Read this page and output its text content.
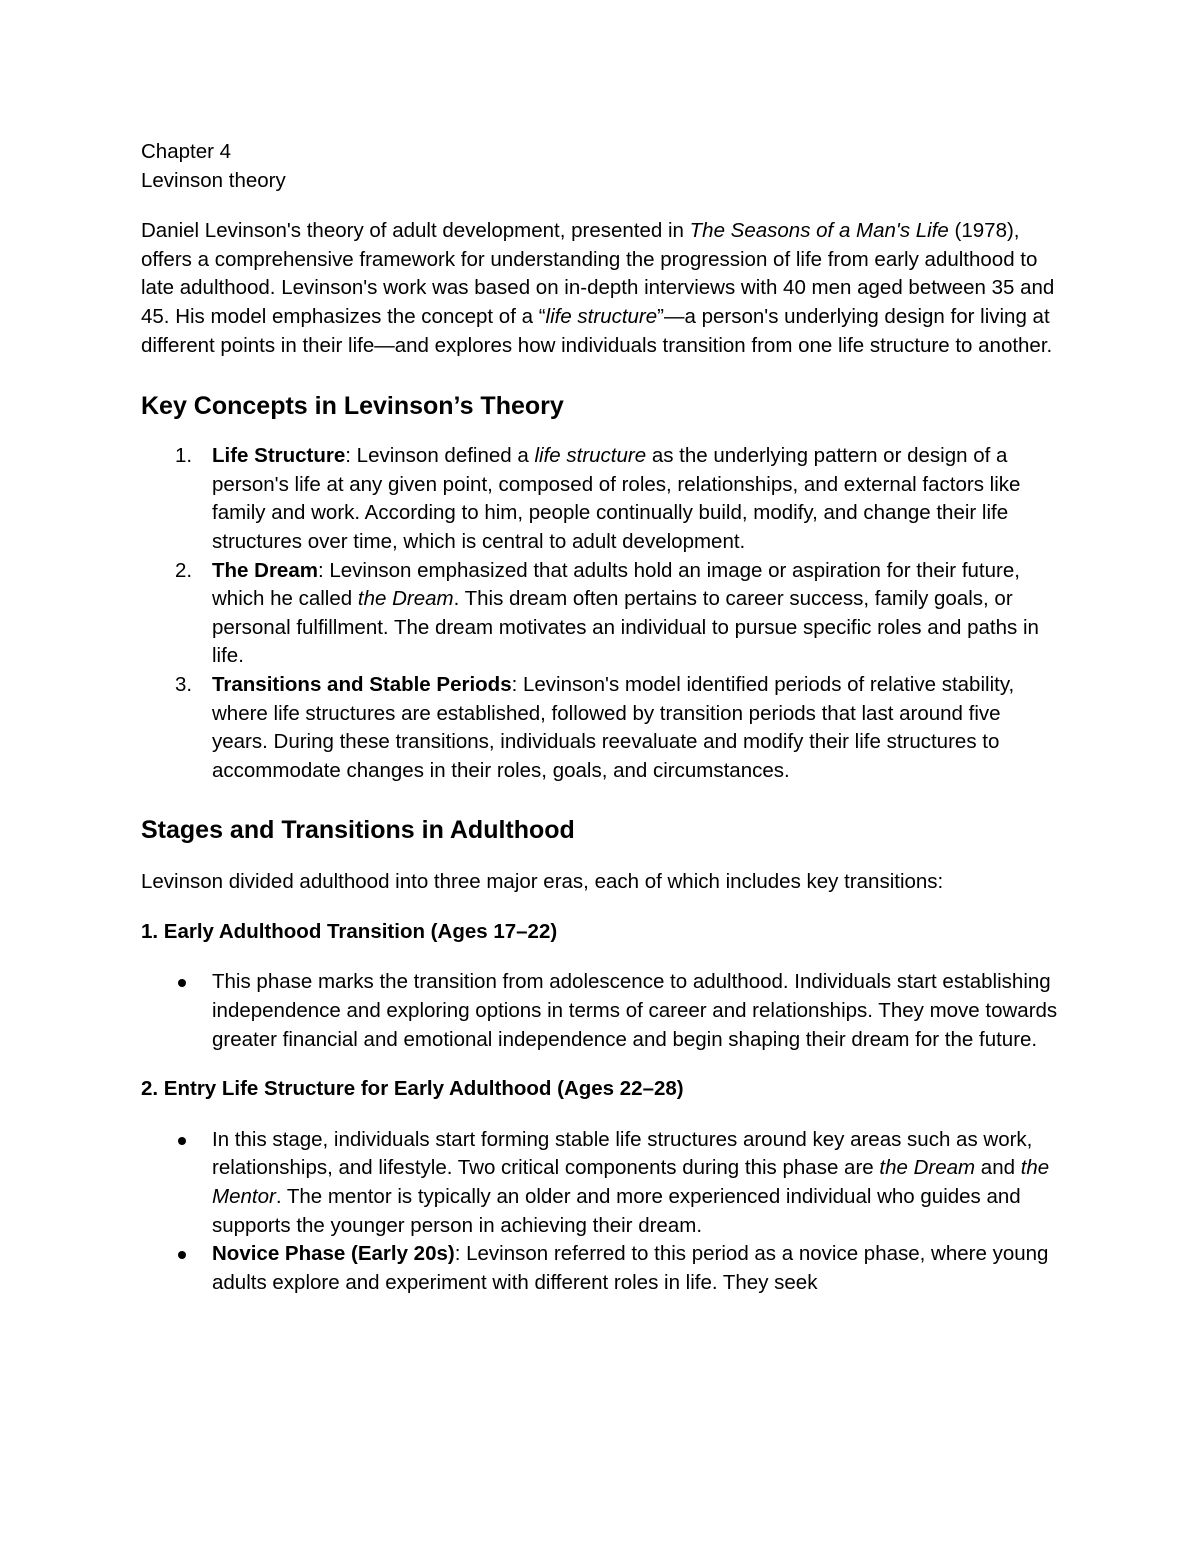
Chapter 4
Levinson theory

Daniel Levinson's theory of adult development, presented in The Seasons of a Man's Life (1978), offers a comprehensive framework for understanding the progression of life from early adulthood to late adulthood. Levinson's work was based on in-depth interviews with 40 men aged between 35 and 45. His model emphasizes the concept of a “life structure”—a person's underlying design for living at different points in their life—and explores how individuals transition from one life structure to another.

Key Concepts in Levinson’s Theory
1. Life Structure: Levinson defined a life structure as the underlying pattern or design of a person's life at any given point, composed of roles, relationships, and external factors like family and work. According to him, people continually build, modify, and change their life structures over time, which is central to adult development.
2. The Dream: Levinson emphasized that adults hold an image or aspiration for their future, which he called the Dream. This dream often pertains to career success, family goals, or personal fulfillment. The dream motivates an individual to pursue specific roles and paths in life.
3. Transitions and Stable Periods: Levinson's model identified periods of relative stability, where life structures are established, followed by transition periods that last around five years. During these transitions, individuals reevaluate and modify their life structures to accommodate changes in their roles, goals, and circumstances.
Stages and Transitions in Adulthood

Levinson divided adulthood into three major eras, each of which includes key transitions:

1. Early Adulthood Transition (Ages 17–22)
This phase marks the transition from adolescence to adulthood. Individuals start establishing independence and exploring options in terms of career and relationships. They move towards greater financial and emotional independence and begin shaping their dream for the future.
2. Entry Life Structure for Early Adulthood (Ages 22–28)
In this stage, individuals start forming stable life structures around key areas such as work, relationships, and lifestyle. Two critical components during this phase are the Dream and the Mentor. The mentor is typically an older and more experienced individual who guides and supports the younger person in achieving their dream.
Novice Phase (Early 20s): Levinson referred to this period as a novice phase, where young adults explore and experiment with different roles in life. They seek
